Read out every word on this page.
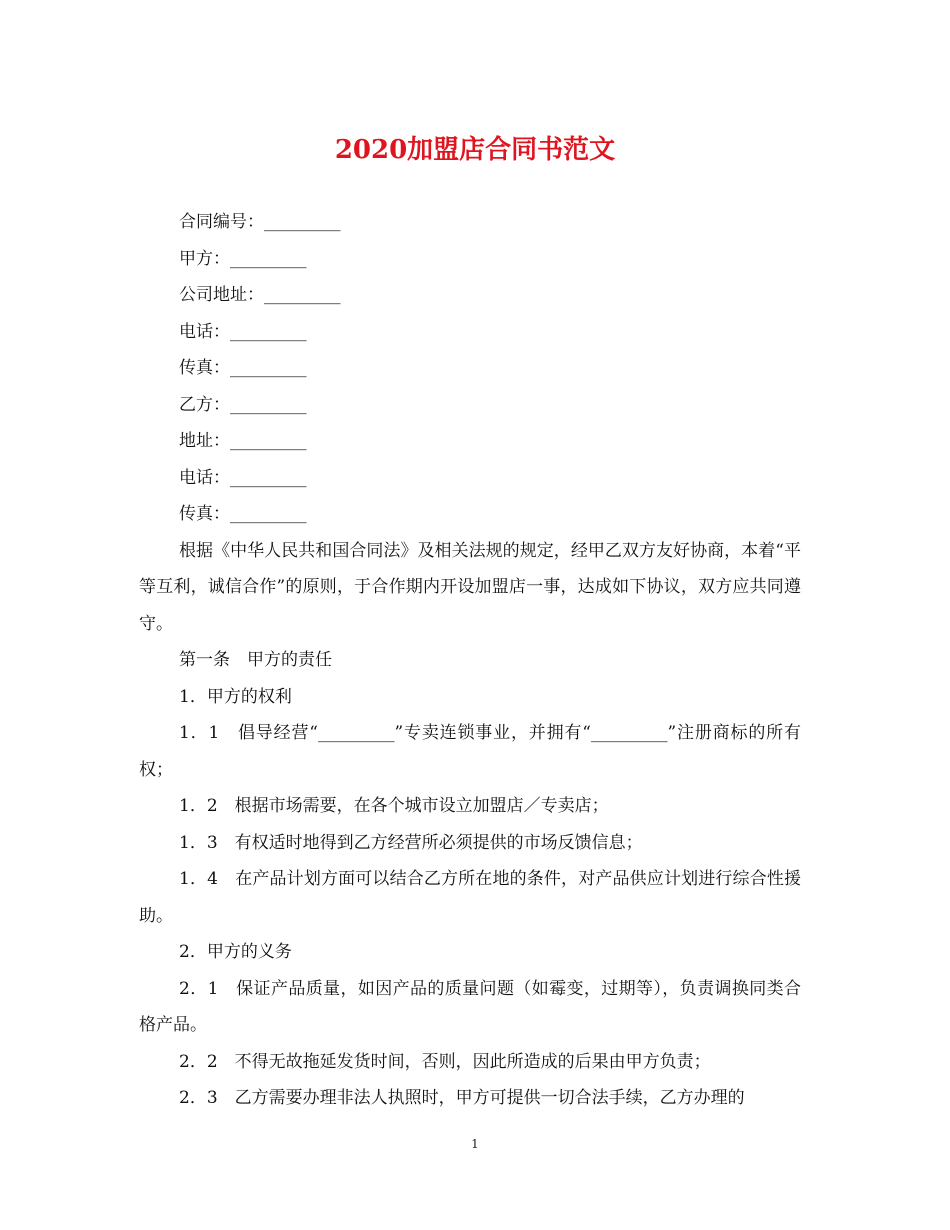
2020加盟店合同书范文

合同编号：_________

甲方：_________

公司地址：_________

电话：_________

传真：_________

乙方：_________

地址：_________

电话：_________

传真：_________

根据《中华人民共和国合同法》及相关法规的规定，经甲乙双方友好协商，本着“平等互利，诚信合作”的原则，于合作期内开设加盟店一事，达成如下协议，双方应共同遵守。

第一条　甲方的责任

1．甲方的权利

1．1　倡导经营“_________”专卖连锁事业，并拥有“_________”注册商标的所有权；

1．2　根据市场需要，在各个城市设立加盟店／专卖店；

1．3　有权适时地得到乙方经营所必须提供的市场反馈信息；

1．4　在产品计划方面可以结合乙方所在地的条件，对产品供应计划进行综合性援助。

2．甲方的义务

2．1　保证产品质量，如因产品的质量问题（如霉变，过期等），负责调换同类合格产品。

2．2　不得无故拖延发货时间，否则，因此所造成的后果由甲方负责；

2．3　乙方需要办理非法人执照时，甲方可提供一切合法手续，乙方办理的

1
